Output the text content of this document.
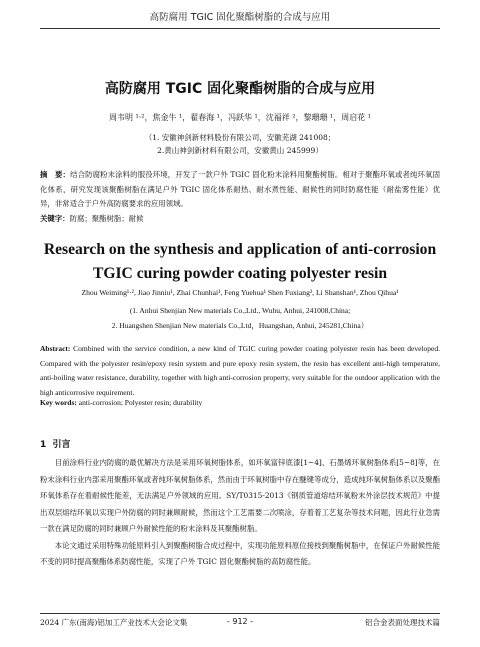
高防腐用 TGIC 固化聚酯树脂的合成与应用
高防腐用 TGIC 固化聚酯树脂的合成与应用
周韦明 ¹·²，焦金牛 ¹，翟春海 ¹，冯跃华 ¹，沈福祥 ²，黎珊珊 ¹，周启花 ¹
（1. 安徽神剑新材料股份有限公司，安徽芜湖 241008；
2.黄山神剑新材料有限公司，安徽黄山 245999）
摘　要：结合防腐粉末涂料的服役环境，开发了一款户外 TGIC 固化粉末涂料用聚酯树脂。相对于聚酯环氧或者纯环氧固化体系，研究发现该聚酯树脂在满足户外 TGIC 固化体系耐热、耐水煮性能、耐候性的同时防腐性能（耐盐雾性能）优异，非常适合于户外高防腐要求的应用领域。
关键字：防腐；聚酯树脂；耐候
Research on the synthesis and application of anti-corrosion TGIC curing powder coating polyester resin
Zhou Weiming¹·², Jiao Jinniu¹, Zhai Chunhai¹, Feng Yuehua¹ Shen Fuxiang², Li Shanshan¹, Zhou Qihua¹
(1. Anhui Shenjian New materials Co.,Ltd., Wuhu, Anhui, 241008,China;
2. Huangshen Shenjian New materials Co.,Ltd，Huangshan, Anhui, 245281,China）
Abstract: Combined with the service condition, a new kind of TGIC curing powder coating polyester resin has been developed. Compared with the polyester resin/epoxy resin system and pure epoxy resin system, the resin has excellent anti-high temperature, anti-boiling water resistance, durability, together with high anti-corrosion property, very suitable for the outdoor application with the high anticorrosive requirement.
Key words: anti-corrosion; Polyester resin; durability
1 引言

目前涂料行业内防腐的最优解决方法是采用环氧树脂体系，如环氧富锌底漆[1~4]、石墨烯环氧树脂体系[5~8]等，在粉末涂料行业内部采用聚酯环氧或者纯环氧树脂体系，然而由于环氧树脂中存在醚键等成分，造成纯环氧树脂体系以及聚酯环氧体系存在着耐候性能差，无法满足户外领域的应用。SY/T0315-2013《钢质管道熔结环氧粉末外涂层技术规范》中提出双层熔结环氧以实现户外防腐的同时兼顾耐候，然而这个工艺需要二次喷涂，存着着工艺复杂等技术问题，因此行业急需一款在满足防腐的同时兼顾户外耐候性能的粉末涂料及其聚酯树脂。

本论文通过采用特殊功能原料引入到聚酯树脂合成过程中，实现功能原料原位接枝到聚酯树脂中，在保证户外耐候性能不变的同时提高聚酯体系防腐性能，实现了户外 TGIC 固化聚酯树脂的高防腐性能。

2024 广东(南海)铝加工产业技术大会论文集	- 912 -	铝合金表面处理技术篇
